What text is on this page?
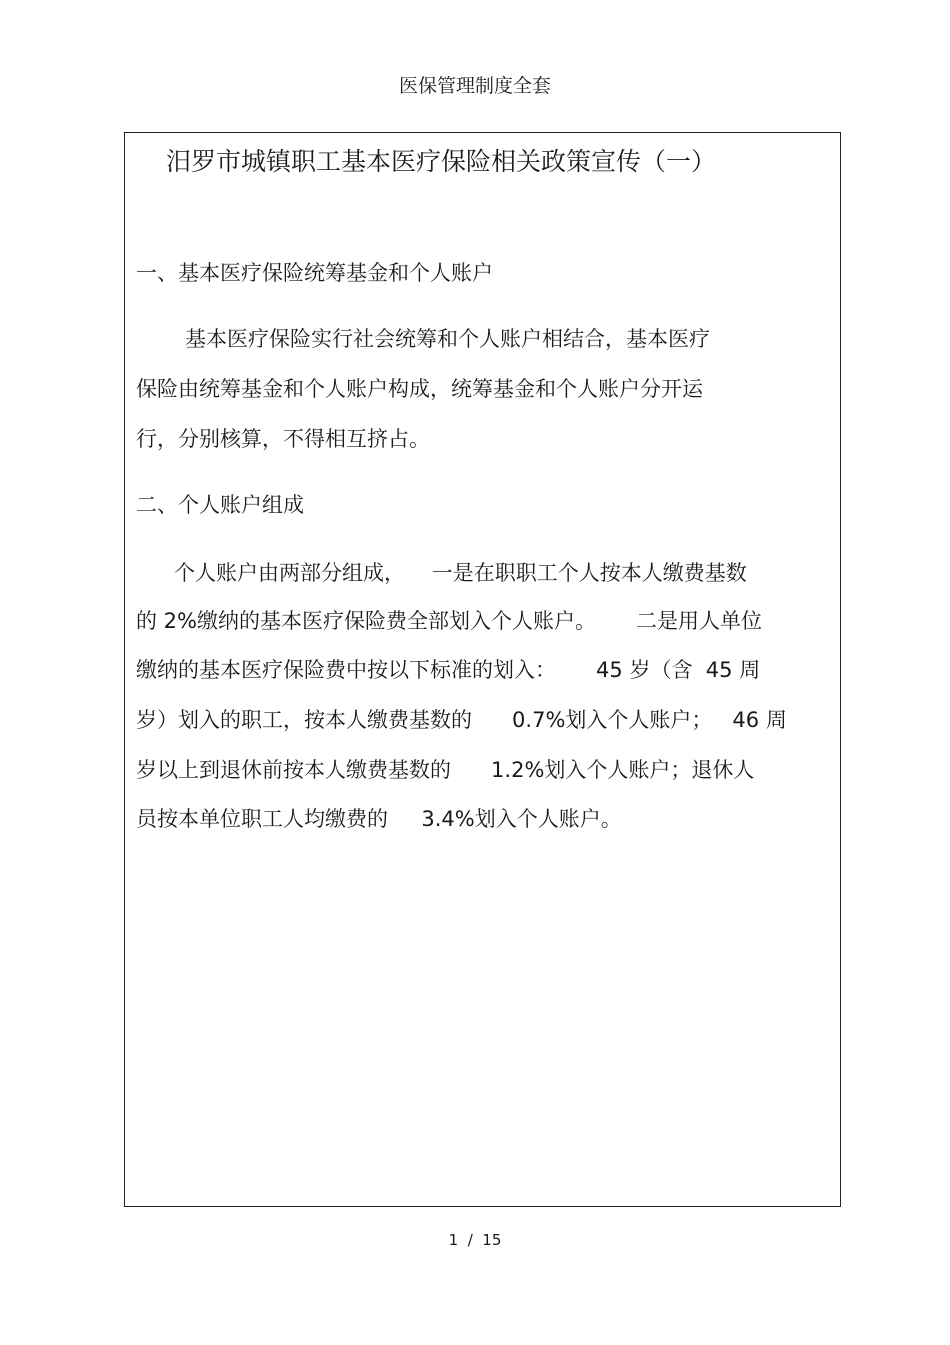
医保管理制度全套
汨罗市城镇职工基本医疗保险相关政策宣传（一）
一、基本医疗保险统筹基金和个人账户
基本医疗保险实行社会统筹和个人账户相结合，基本医疗
保险由统筹基金和个人账户构成，统筹基金和个人账户分开运
行，分别核算，不得相互挤占。
二、个人账户组成
个人账户由两部分组成，    一是在职职工个人按本人缴费基数
的 2%缴纳的基本医疗保险费全部划入个人账户。      二是用人单位
缴纳的基本医疗保险费中按以下标准的划入：      45 岁（含  45 周
岁）划入的职工，按本人缴费基数的      0.7%划入个人账户；   46 周
岁以上到退休前按本人缴费基数的      1.2%划入个人账户；退休人
员按本单位职工人均缴费的     3.4%划入个人账户。
1  /  15
